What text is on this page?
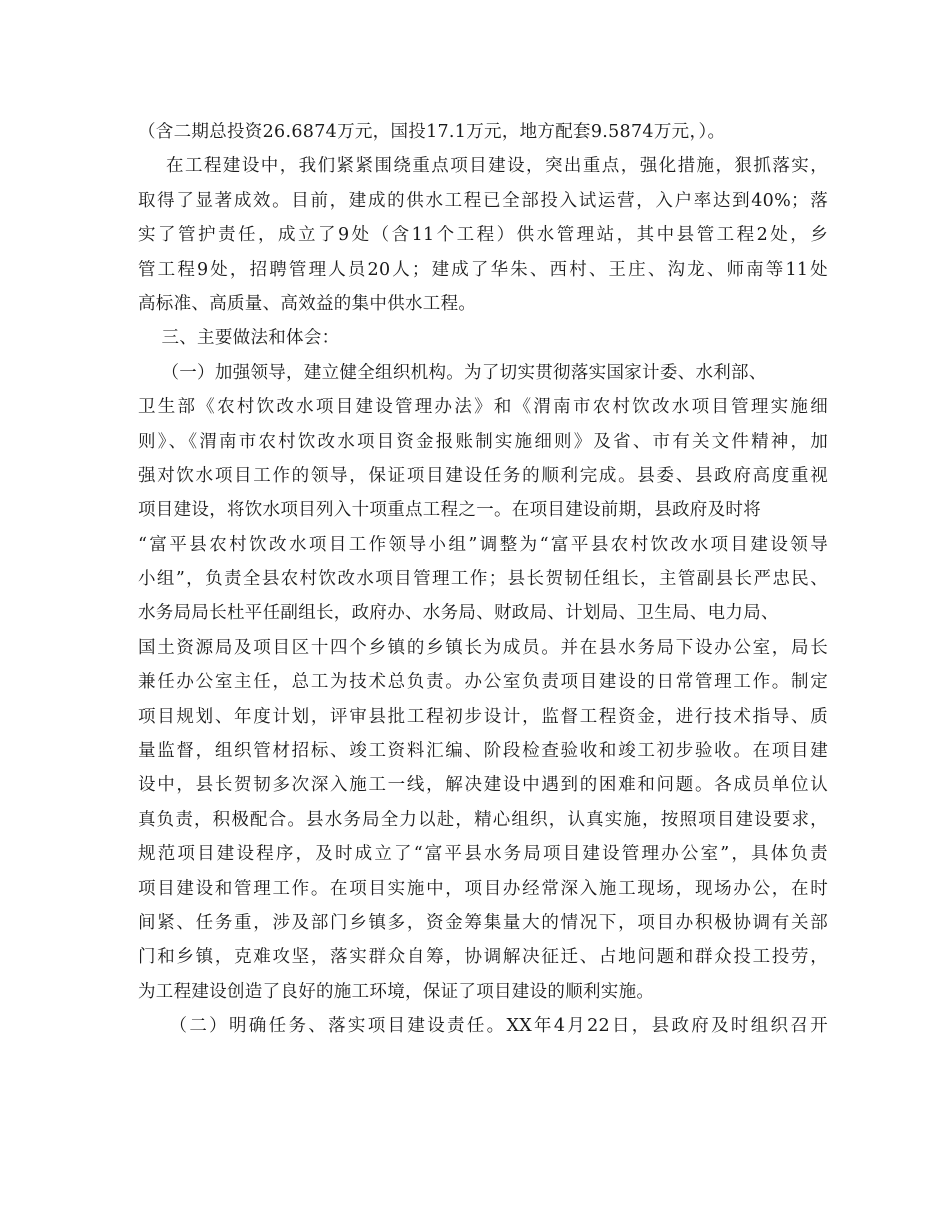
（含二期总投资26.6874万元，国投17.1万元，地方配套9.5874万元，）。
在工程建设中，我们紧紧围绕重点项目建设，突出重点，强化措施，狠抓落实，
取得了显著成效。目前，建成的供水工程已全部投入试运营，入户率达到40%；落
实了管护责任，成立了9处（含11个工程）供水管理站，其中县管工程2处，乡
管工程9处，招聘管理人员20人；建成了华朱、西村、王庄、沟龙、师南等11处
高标准、高质量、高效益的集中供水工程。
三、主要做法和体会：
（一）加强领导，建立健全组织机构。为了切实贯彻落实国家计委、水利部、
卫生部《农村饮改水项目建设管理办法》和《渭南市农村饮改水项目管理实施细
则》、《渭南市农村饮改水项目资金报账制实施细则》及省、市有关文件精神，加
强对饮水项目工作的领导，保证项目建设任务的顺利完成。县委、县政府高度重视
项目建设，将饮水项目列入十项重点工程之一。在项目建设前期，县政府及时将
“富平县农村饮改水项目工作领导小组”调整为“富平县农村饮改水项目建设领导
小组”，负责全县农村饮改水项目管理工作；县长贺韧任组长，主管副县长严忠民、
水务局局长杜平任副组长，政府办、水务局、财政局、计划局、卫生局、电力局、
国土资源局及项目区十四个乡镇的乡镇长为成员。并在县水务局下设办公室，局长
兼任办公室主任，总工为技术总负责。办公室负责项目建设的日常管理工作。制定
项目规划、年度计划，评审县批工程初步设计，监督工程资金，进行技术指导、质
量监督，组织管材招标、竣工资料汇编、阶段检查验收和竣工初步验收。在项目建
设中，县长贺韧多次深入施工一线，解决建设中遇到的困难和问题。各成员单位认
真负责，积极配合。县水务局全力以赴，精心组织，认真实施，按照项目建设要求，
规范项目建设程序，及时成立了“富平县水务局项目建设管理办公室”，具体负责
项目建设和管理工作。在项目实施中，项目办经常深入施工现场，现场办公，在时
间紧、任务重，涉及部门乡镇多，资金筹集量大的情况下，项目办积极协调有关部
门和乡镇，克难攻坚，落实群众自筹，协调解决征迁、占地问题和群众投工投劳，
为工程建设创造了良好的施工环境，保证了项目建设的顺利实施。
（二）明确任务、落实项目建设责任。XX年4月22日，县政府及时组织召开
